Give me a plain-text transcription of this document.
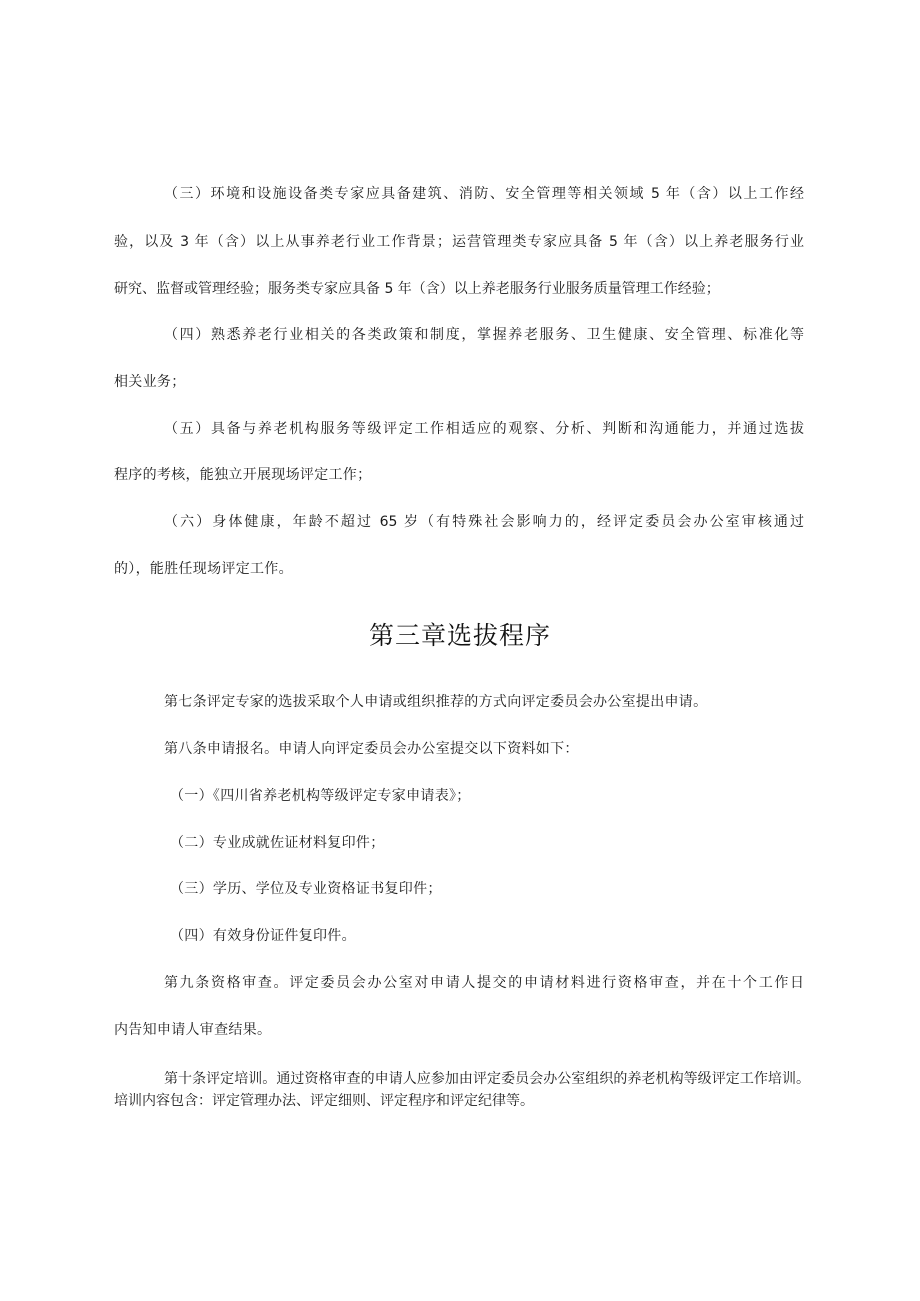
（三）环境和设施设备类专家应具备建筑、消防、安全管理等相关领域 5 年（含）以上工作经
验，以及 3 年（含）以上从事养老行业工作背景；运营管理类专家应具备 5 年（含）以上养老服务行业
研究、监督或管理经验；服务类专家应具备 5 年（含）以上养老服务行业服务质量管理工作经验；
（四）熟悉养老行业相关的各类政策和制度，掌握养老服务、卫生健康、安全管理、标准化等
相关业务；
（五）具备与养老机构服务等级评定工作相适应的观察、分析、判断和沟通能力，并通过选拔
程序的考核，能独立开展现场评定工作；
（六）身体健康，年龄不超过 65 岁（有特殊社会影响力的，经评定委员会办公室审核通过
的），能胜任现场评定工作。
第三章选拔程序
第七条评定专家的选拔采取个人申请或组织推荐的方式向评定委员会办公室提出申请。
第八条申请报名。申请人向评定委员会办公室提交以下资料如下：
（一）《四川省养老机构等级评定专家申请表》；
（二）专业成就佐证材料复印件；
（三）学历、学位及专业资格证书复印件；
（四）有效身份证件复印件。
第九条资格审查。评定委员会办公室对申请人提交的申请材料进行资格审查，并在十个工作日
内告知申请人审查结果。
第十条评定培训。通过资格审查的申请人应参加由评定委员会办公室组织的养老机构等级评定工作培训。培训内容包含：评定管理办法、评定细则、评定程序和评定纪律等。
